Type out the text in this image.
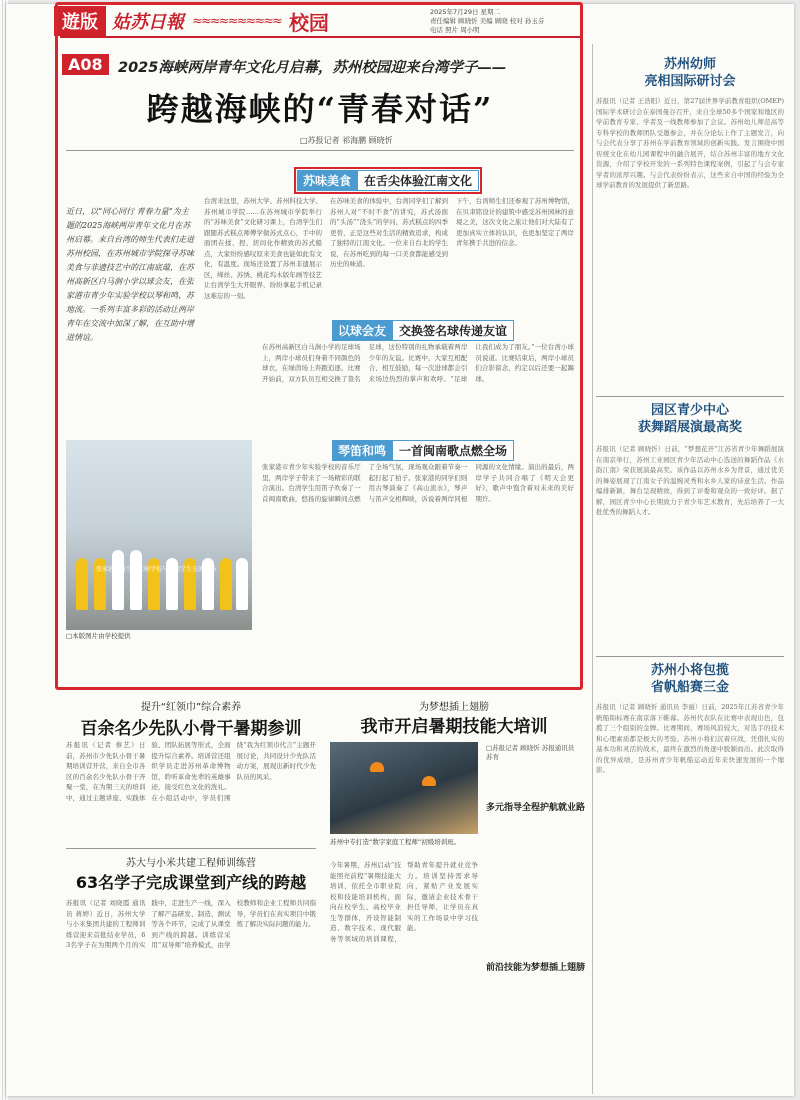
遊版 姑苏日報 ≈≈≈≈≈≈≈≈≈≈ 校园	2025年7月29日 星期二
责任编辑 顾晓忻 美编 顾晓 校对 孙玉芬
电话 照片 周小明
A08	2025海峡两岸青年文化月启幕，苏州校园迎来台湾学子——
跨越海峡的“青春对话”
□苏报记者 祁海鹏 顾晓忻
近日，以“同心同行 青春力量”为主题的2025海峡两岸青年文化月在苏州启幕。来自台湾的师生代表们走进苏州校园，在苏州城市学院探寻苏味美食与非遗技艺中的江南底蕴，在苏州高新区白马涧小学以球会友，在张家港市青少年实验学校以琴和鸣、苏地流。一系列丰富多彩的活动让两岸青年在交流中加深了解，在互助中增进情谊。
苏味美食	在舌尖体验江南文化
台湾来这里，苏州大学、苏州科技大学、苏州城市学院……在苏州城市学院举行的“苏味美食”文化研习课上，台湾学生们跟随苏式糕点师傅学做苏式点心，手中的面团在揉、捏、搓间化作精致的苏式船点，大家纷纷感叹原来美食也能如此有文化，有温度。现场还设置了苏州非遗展示区，缂丝、苏绣、桃花坞木版年画等技艺让台湾学生大开眼界，纷纷拿起手机记录这难忘的一刻。
在苏味美食的体验中，台湾同学们了解到苏州人对“不时不食”的讲究，苏式汤面的“头汤”“浇头”的学问，苏式糕点的四季更替，正是这些对生活的精致追求，构成了独特的江南文化。一位来自台北的学生说，在苏州吃到的每一口美食都能感受到历史的味道。
下午，台湾师生们还参观了苏州博物馆，在贝聿铭设计的建筑中感受苏州园林的意境之美，这次文化之旅让他们对大陆有了更加真实立体的认识，也更加坚定了两岸青年携手共进的信念。
以球会友	交换签名球传递友谊
在苏州高新区白马涧小学的足球场上，两岸小球员们身着不同颜色的球衣，在绿茵场上奔跑追逐。比赛开始前，双方队员互相交换了签名足球，这份特别的礼物承载着两岸少年的友谊。比赛中，大家互相配合、相互鼓励，每一次进球都会引来场边热烈的掌声和欢呼。“足球让我们成为了朋友。”一位台湾小球员说道。比赛结束后，两岸小球员们合影留念，约定以后还要一起踢球。
琴笛和鸣	一首闽南歌点燃全场
张家港市青少年实验学校的音乐厅里，两岸学子带来了一场精彩的联合演出。台湾学生用笛子吹奏了一首闽南歌曲，悠扬的旋律瞬间点燃了全场气氛，现场观众跟着节奏一起打起了拍子。张家港的同学们则用古琴演奏了《高山流水》，琴声与笛声交相辉映，诉说着两岸同根同源的文化情缘。演出的最后，两岸学子共同合唱了《明天会更好》，歌声中饱含着对未来的美好期许。
张家港市青少年实验学校与台湾学生交流现场
□本版图片由学校提供
苏州幼师
亮相国际研讨会
苏报讯（记者 王浩阳）近日，第27届世界学前教育组织(OMEP)国际学术研讨会在泰国曼谷召开，来自全球50多个国家和地区的学前教育专家、学者及一线教师参加了会议。苏州幼儿师范高等专科学校的教师团队受邀参会，并在分论坛上作了主题发言，向与会代表分享了苏州在学前教育领域的创新实践。发言围绕中国传统文化在幼儿园课程中的融合展开，结合苏州丰富的地方文化资源，介绍了学校开发的一系列特色课程案例，引起了与会专家学者的浓厚兴趣。与会代表纷纷表示，这些来自中国的经验为全球学前教育的发展提供了新思路。
园区青少中心
获舞蹈展演最高奖
苏报讯（记者 顾晓忻）日前，“梦想花开”江苏省青少年舞蹈展演在南京举行，苏州工业园区青少年活动中心选送的舞蹈作品《水韵江南》荣获展演最高奖。该作品以苏州水乡为背景，通过优美的舞姿展现了江南女子的温婉灵秀和水乡人家的诗意生活。作品编排新颖，舞台呈现精致，得到了评委和观众的一致好评。据了解，园区青少中心长期致力于青少年艺术教育，先后培养了一大批优秀的舞蹈人才。
苏州小将包揽
省帆船赛三金
苏报讯（记者 顾晓忻 通讯员 李丽）日前，2025年江苏省青少年帆船锦标赛在南京落下帷幕。苏州代表队在比赛中表现出色，包揽了三个组别的金牌。比赛期间，赛场风浪较大，对选手的技术和心理素质都是极大的考验。苏州小将们沉着应战，凭借扎实的基本功和灵活的战术，最终在激烈的角逐中脱颖而出。此次取得的优异成绩，是苏州青少年帆船运动近年来快速发展的一个缩影。
提升“红领巾”综合素养
百余名少先队小骨干暑期参训
苏报讯（记者 蔡艺）日前，苏州市少先队小骨干暑期培训营开营，来自全市各区的百余名少先队小骨干齐聚一堂，在为期三天的培训中，通过主题讲座、实践体验、团队拓展等形式，全面提升综合素养。培训营还组织学员走进苏州革命博物馆，聆听革命先辈的英雄事迹，接受红色文化的洗礼。在小组活动中，学员们围绕“我为红领巾代言”主题开展讨论，共同设计少先队活动方案，展现出新时代少先队员的风采。
苏大与小米共建工程师训练营
63名学子完成课堂到产线的跨越
苏报讯（记者 刘晓霞 通讯员 蒋婷）近日，苏州大学与小米集团共建的工程师训练营迎来首批结业学员，63名学子在为期两个月的实践中，走进生产一线，深入了解产品研发、制造、测试等各个环节，完成了从课堂到产线的跨越。训练营采用“双导师”培养模式，由学校教师和企业工程师共同指导，学员们在真实项目中锻炼了解决实际问题的能力。
为梦想插上翅膀
我市开启暑期技能大培训
□苏报记者 顾晓忻 苏报通讯员 苏育
苏州中专打造“数字家庭工程师”初级培训班。
今年暑期，苏州启动“技能照亮前程”暑期技能大培训，依托全市职业院校和技能培训机构，面向在校学生、高校毕业生等群体，开设智能制造、数字技术、现代服务等领域的培训课程，帮助青年提升就业竞争力。培训坚持需求导向，紧贴产业发展实际，邀请企业技术骨干担任导师，让学员在真实的工作场景中学习技能。
多元指导全程护航就业路
前沿技能为梦想插上翅膀
